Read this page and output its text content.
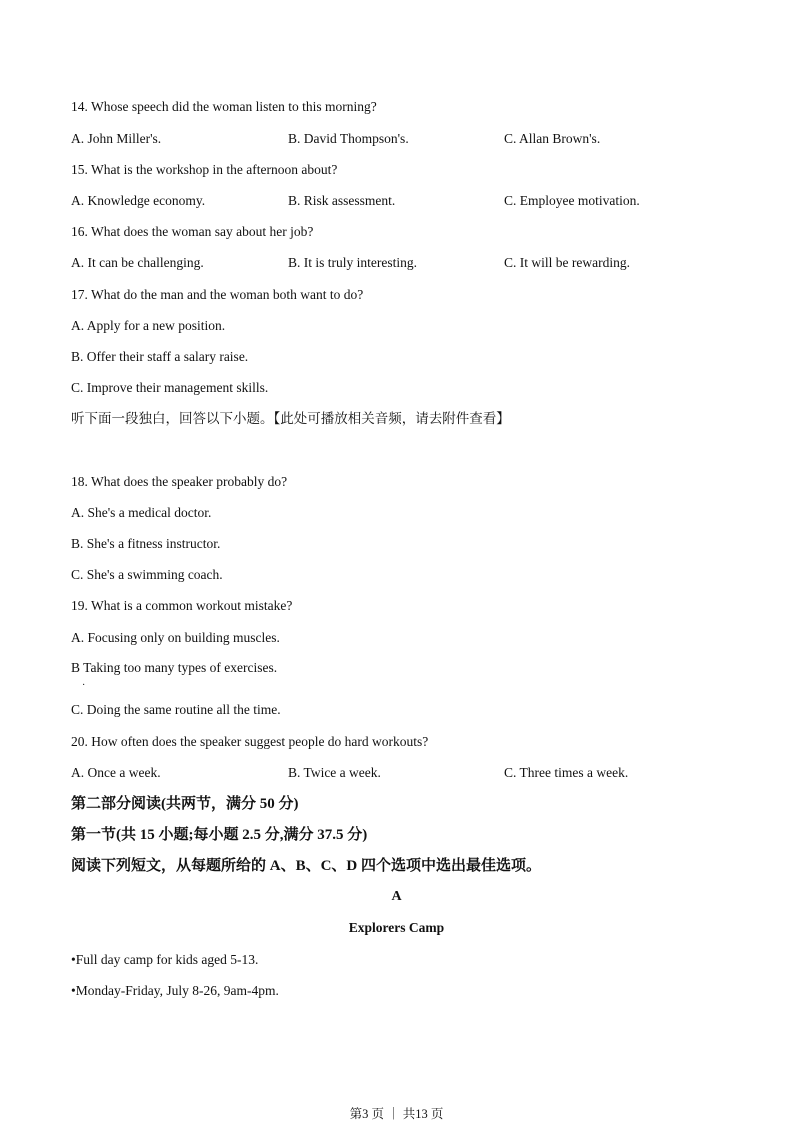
14. Whose speech did the woman listen to this morning?
A. John Miller's.	B. David Thompson's.	C. Allan Brown's.
15. What is the workshop in the afternoon about?
A. Knowledge economy.	B. Risk assessment.	C. Employee motivation.
16. What does the woman say about her job?
A. It can be challenging.	B. It is truly interesting.	C. It will be rewarding.
17. What do the man and the woman both want to do?
A. Apply for a new position.
B. Offer their staff a salary raise.
C. Improve their management skills.
听下面一段独白，回答以下小题。【此处可播放相关音频，请去附件查看】
18. What does the speaker probably do?
A. She's a medical doctor.
B. She's a fitness instructor.
C. She's a swimming coach.
19. What is a common workout mistake?
A. Focusing only on building muscles.
B Taking too many types of exercises.
·
C. Doing the same routine all the time.
20. How often does the speaker suggest people do hard workouts?
A. Once a week.	B. Twice a week.	C. Three times a week.
第二部分阅读(共两节，满分 50 分)
第一节(共 15 小题;每小题 2.5 分,满分 37.5 分)
阅读下列短文，从每题所给的 A、B、C、D 四个选项中选出最佳选项。
A
Explorers Camp
•Full day camp for kids aged 5-13.
•Monday-Friday, July 8-26, 9am-4pm.
第3 页 ｜ 共13 页
